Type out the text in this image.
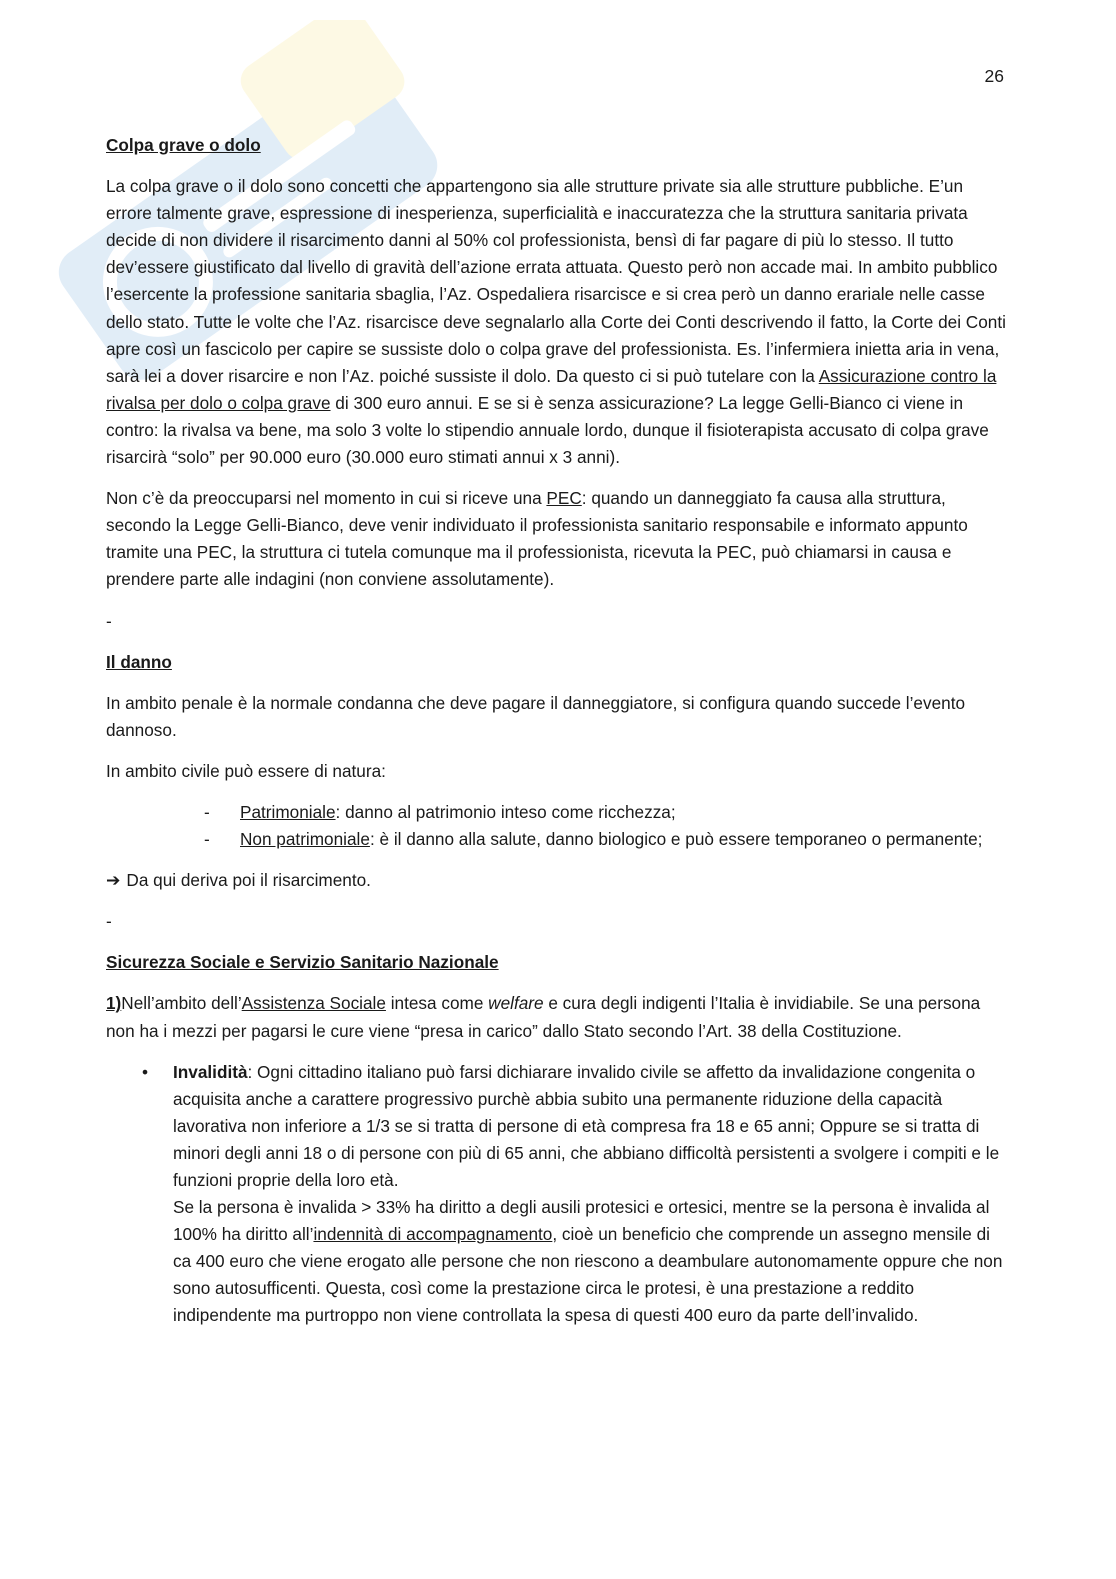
26
Colpa grave o dolo

La colpa grave o il dolo sono concetti che appartengono sia alle strutture private sia alle strutture pubbliche. E’un errore talmente grave, espressione di inesperienza, superficialità e inaccuratezza che la struttura sanitaria privata decide di non dividere il risarcimento danni al 50% col professionista, bensì di far pagare di più lo stesso. Il tutto dev’essere giustificato dal livello di gravità dell’azione errata attuata. Questo però non accade mai. In ambito pubblico l’esercente la professione sanitaria sbaglia, l’Az. Ospedaliera risarcisce e si crea però un danno erariale nelle casse dello stato. Tutte le volte che l’Az. risarcisce deve segnalarlo alla Corte dei Conti descrivendo il fatto, la Corte dei Conti apre così un fascicolo per capire se sussiste dolo o colpa grave del professionista. Es. l’infermiera inietta aria in vena, sarà lei a dover risarcire e non l’Az. poiché sussiste il dolo. Da questo ci si può tutelare con la Assicurazione contro la rivalsa per dolo o colpa grave di 300 euro annui. E se si è senza assicurazione? La legge Gelli-Bianco ci viene in contro: la rivalsa va bene, ma solo 3 volte lo stipendio annuale lordo, dunque il fisioterapista accusato di colpa grave risarcirà “solo” per 90.000 euro (30.000 euro stimati annui x 3 anni).

Non c’è da preoccuparsi nel momento in cui si riceve una PEC: quando un danneggiato fa causa alla struttura, secondo la Legge Gelli-Bianco, deve venir individuato il professionista sanitario responsabile e informato appunto tramite una PEC, la struttura ci tutela comunque ma il professionista, ricevuta la PEC, può chiamarsi in causa e prendere parte alle indagini (non conviene assolutamente).

-
Il danno

In ambito penale è la normale condanna che deve pagare il danneggiatore, si configura quando succede l’evento dannoso.

In ambito civile può essere di natura:

- Patrimoniale: danno al patrimonio inteso come ricchezza;
- Non patrimoniale: è il danno alla salute, danno biologico e può essere temporaneo o permanente;
➔ Da qui deriva poi il risarcimento.
-
Sicurezza Sociale e Servizio Sanitario Nazionale

1)Nell’ambito dell’Assistenza Sociale intesa come welfare e cura degli indigenti l’Italia è invidiabile. Se una persona non ha i mezzi per pagarsi le cure viene “presa in carico” dallo Stato secondo l’Art. 38 della Costituzione.

• Invalidità: Ogni cittadino italiano può farsi dichiarare invalido civile se affetto da invalidazione congenita o acquisita anche a carattere progressivo purchè abbia subito una permanente riduzione della capacità lavorativa non inferiore a 1/3 se si tratta di persone di età compresa fra 18 e 65 anni; Oppure se si tratta di minori degli anni 18 o di persone con più di 65 anni, che abbiano difficoltà persistenti a svolgere i compiti e le funzioni proprie della loro età.
Se la persona è invalida > 33% ha diritto a degli ausili protesici e ortesici, mentre se la persona è invalida al 100% ha diritto all’indennità di accompagnamento, cioè un beneficio che comprende un assegno mensile di ca 400 euro che viene erogato alle persone che non riescono a deambulare autonomamente oppure che non sono autosufficenti. Questa, così come la prestazione circa le protesi, è una prestazione a reddito indipendente ma purtroppo non viene controllata la spesa di questi 400 euro da parte dell’invalido.
